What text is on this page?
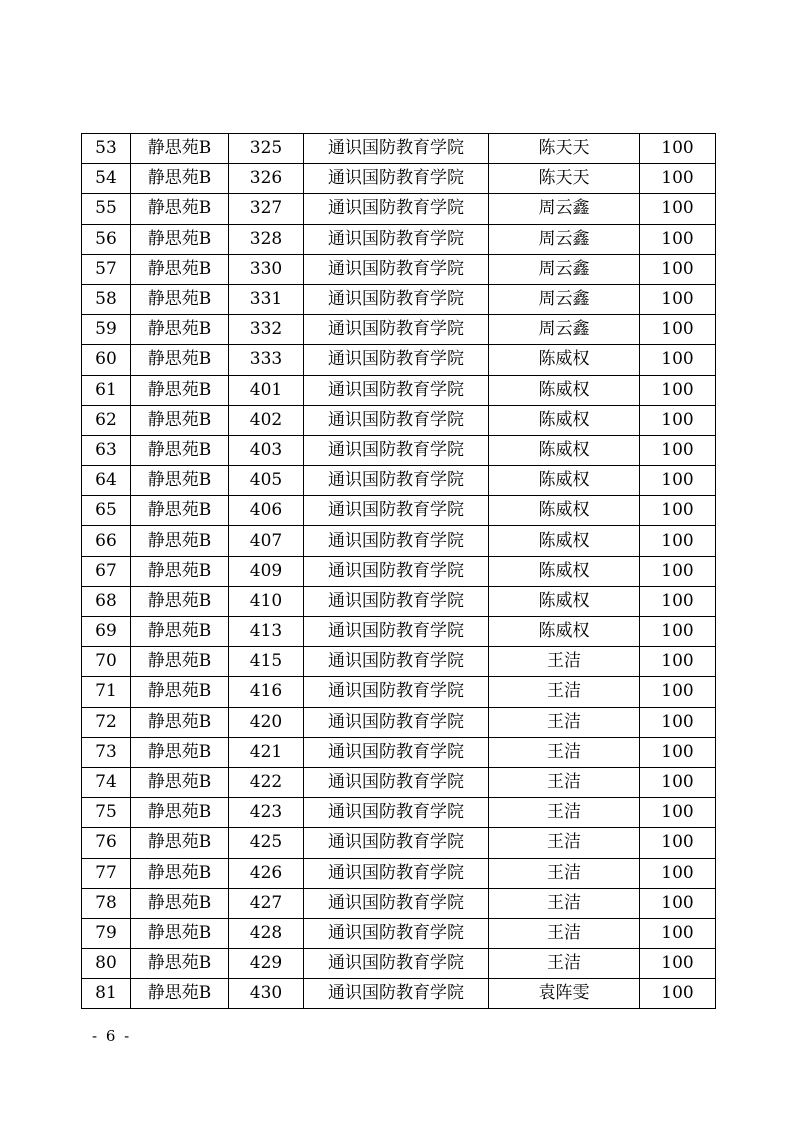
53	静思苑B	325	通识国防教育学院	陈天天	100
54	静思苑B	326	通识国防教育学院	陈天天	100
55	静思苑B	327	通识国防教育学院	周云鑫	100
56	静思苑B	328	通识国防教育学院	周云鑫	100
57	静思苑B	330	通识国防教育学院	周云鑫	100
58	静思苑B	331	通识国防教育学院	周云鑫	100
59	静思苑B	332	通识国防教育学院	周云鑫	100
60	静思苑B	333	通识国防教育学院	陈威权	100
61	静思苑B	401	通识国防教育学院	陈威权	100
62	静思苑B	402	通识国防教育学院	陈威权	100
63	静思苑B	403	通识国防教育学院	陈威权	100
64	静思苑B	405	通识国防教育学院	陈威权	100
65	静思苑B	406	通识国防教育学院	陈威权	100
66	静思苑B	407	通识国防教育学院	陈威权	100
67	静思苑B	409	通识国防教育学院	陈威权	100
68	静思苑B	410	通识国防教育学院	陈威权	100
69	静思苑B	413	通识国防教育学院	陈威权	100
70	静思苑B	415	通识国防教育学院	王洁	100
71	静思苑B	416	通识国防教育学院	王洁	100
72	静思苑B	420	通识国防教育学院	王洁	100
73	静思苑B	421	通识国防教育学院	王洁	100
74	静思苑B	422	通识国防教育学院	王洁	100
75	静思苑B	423	通识国防教育学院	王洁	100
76	静思苑B	425	通识国防教育学院	王洁	100
77	静思苑B	426	通识国防教育学院	王洁	100
78	静思苑B	427	通识国防教育学院	王洁	100
79	静思苑B	428	通识国防教育学院	王洁	100
80	静思苑B	429	通识国防教育学院	王洁	100
81	静思苑B	430	通识国防教育学院	袁阵雯	100
- 6 -
